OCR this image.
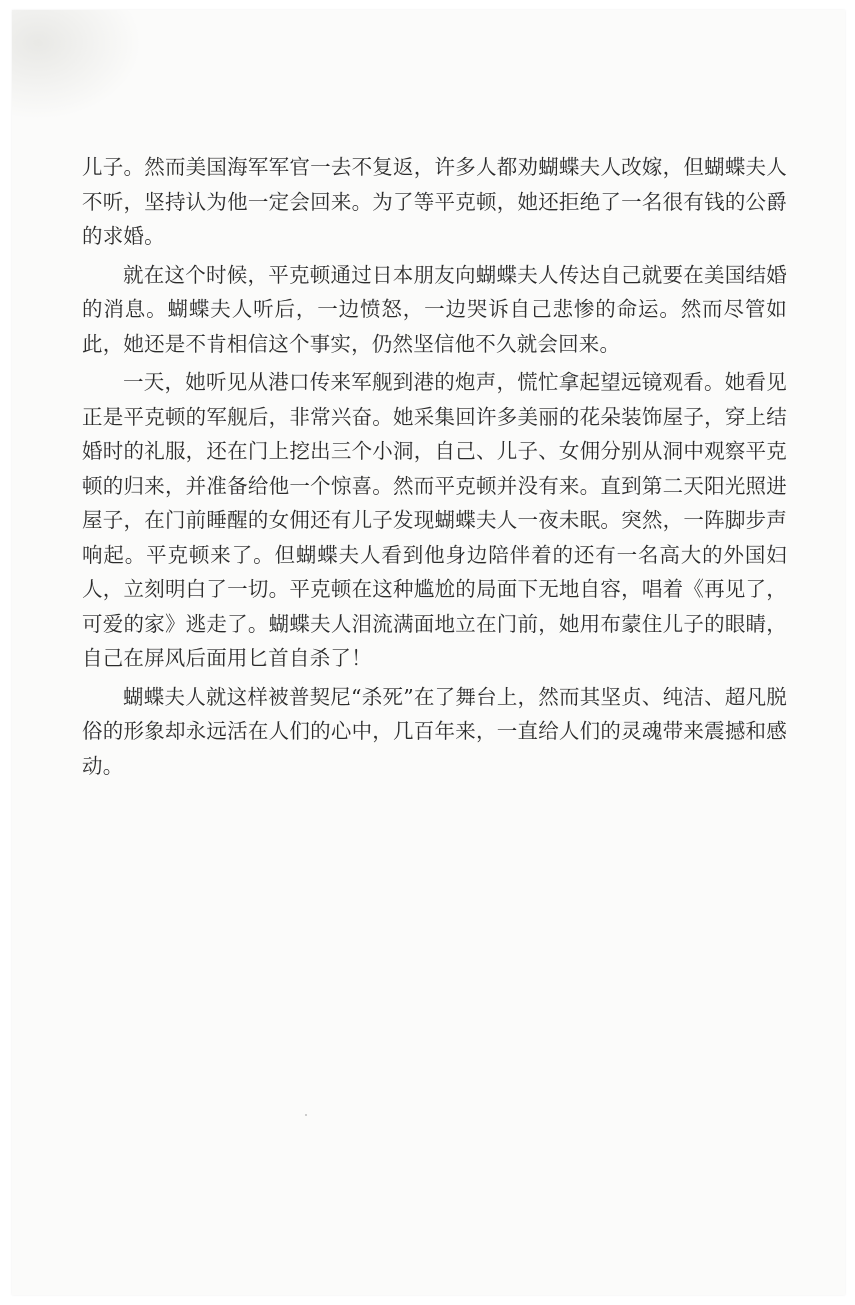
儿子。然而美国海军军官一去不复返，许多人都劝蝴蝶夫人改嫁，但蝴蝶夫人不听，坚持认为他一定会回来。为了等平克顿，她还拒绝了一名很有钱的公爵的求婚。

就在这个时候，平克顿通过日本朋友向蝴蝶夫人传达自己就要在美国结婚的消息。蝴蝶夫人听后，一边愤怒，一边哭诉自己悲惨的命运。然而尽管如此，她还是不肯相信这个事实，仍然坚信他不久就会回来。

一天，她听见从港口传来军舰到港的炮声，慌忙拿起望远镜观看。她看见正是平克顿的军舰后，非常兴奋。她采集回许多美丽的花朵装饰屋子，穿上结婚时的礼服，还在门上挖出三个小洞，自己、儿子、女佣分别从洞中观察平克顿的归来，并准备给他一个惊喜。然而平克顿并没有来。直到第二天阳光照进屋子，在门前睡醒的女佣还有儿子发现蝴蝶夫人一夜未眠。突然，一阵脚步声响起。平克顿来了。但蝴蝶夫人看到他身边陪伴着的还有一名高大的外国妇人，立刻明白了一切。平克顿在这种尴尬的局面下无地自容，唱着《再见了，可爱的家》逃走了。蝴蝶夫人泪流满面地立在门前，她用布蒙住儿子的眼睛，自己在屏风后面用匕首自杀了！

蝴蝶夫人就这样被普契尼“杀死”在了舞台上，然而其坚贞、纯洁、超凡脱俗的形象却永远活在人们的心中，几百年来，一直给人们的灵魂带来震撼和感动。
